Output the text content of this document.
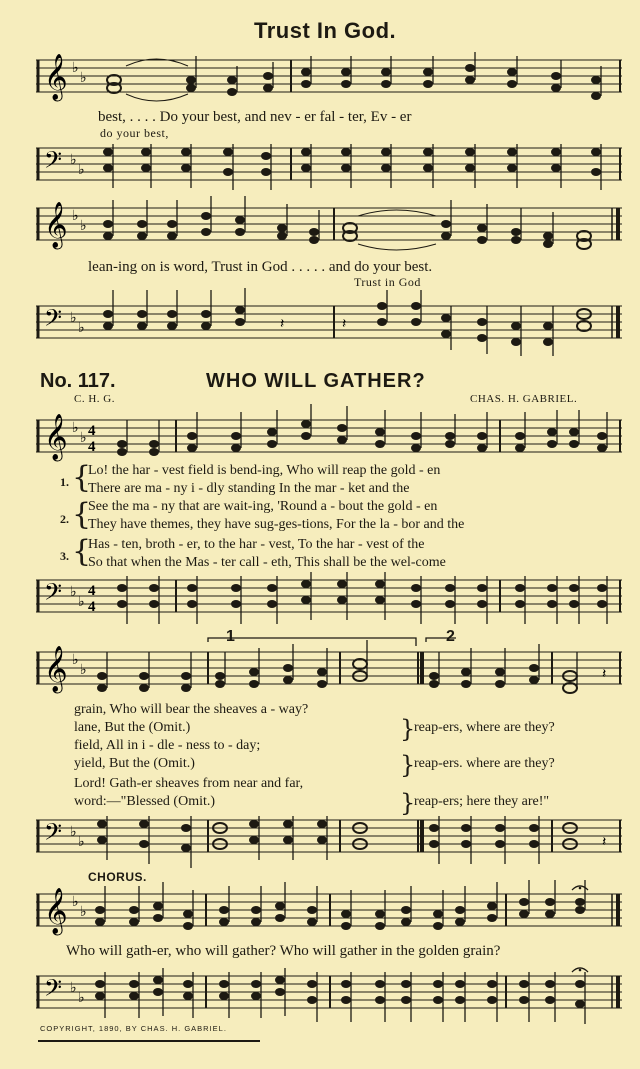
Trust In God.
𝄞 ♭
♭
best, . . . . Do your best, and nev - er fal - ter, Ev - er
do your best,
𝄢 ♭
♭
𝄞 ♭
♭
lean-ing on is word, Trust in God . . . . . and do your best.
Trust in God
𝄢 ♭
♭	𝄽	𝄽
No. 117.	WHO WILL GATHER?
C. H. G.	CHAS. H. GABRIEL.
𝄞 ♭
♭ 4
4
1. {
Lo! the har - vest field is bend-ing, Who will reap the gold - en
There are ma - ny i - dly standing In the mar - ket and the
2. {
See the ma - ny that are wait-ing, 'Round a - bout the gold - en
They have themes, they have sug-ges-tions, For the la - bor and the
3. {
Has - ten, broth - er, to the har - vest, To the har - vest of the
So that when the Mas - ter call - eth, This shall be the wel-come
𝄢 ♭
♭
4
4
𝄞 ♭
♭	𝄽
1	2
grain, Who will bear the sheaves a - way?
lane, But the (Omit.)
field, All in i - dle - ness to - day;
yield, But the (Omit.)
Lord! Gath-er sheaves from near and far,
word:—"Blessed (Omit.)
}
}
}
reap-ers, where are they?
reap-ers. where are they?
reap-ers; here they are!"
𝄢 ♭
♭	𝄽
CHORUS.
𝄞 ♭
♭
Who will gath-er, who will gather? Who will gather in the golden grain?
𝄢 ♭
♭
COPYRIGHT, 1890, BY CHAS. H. GABRIEL.
